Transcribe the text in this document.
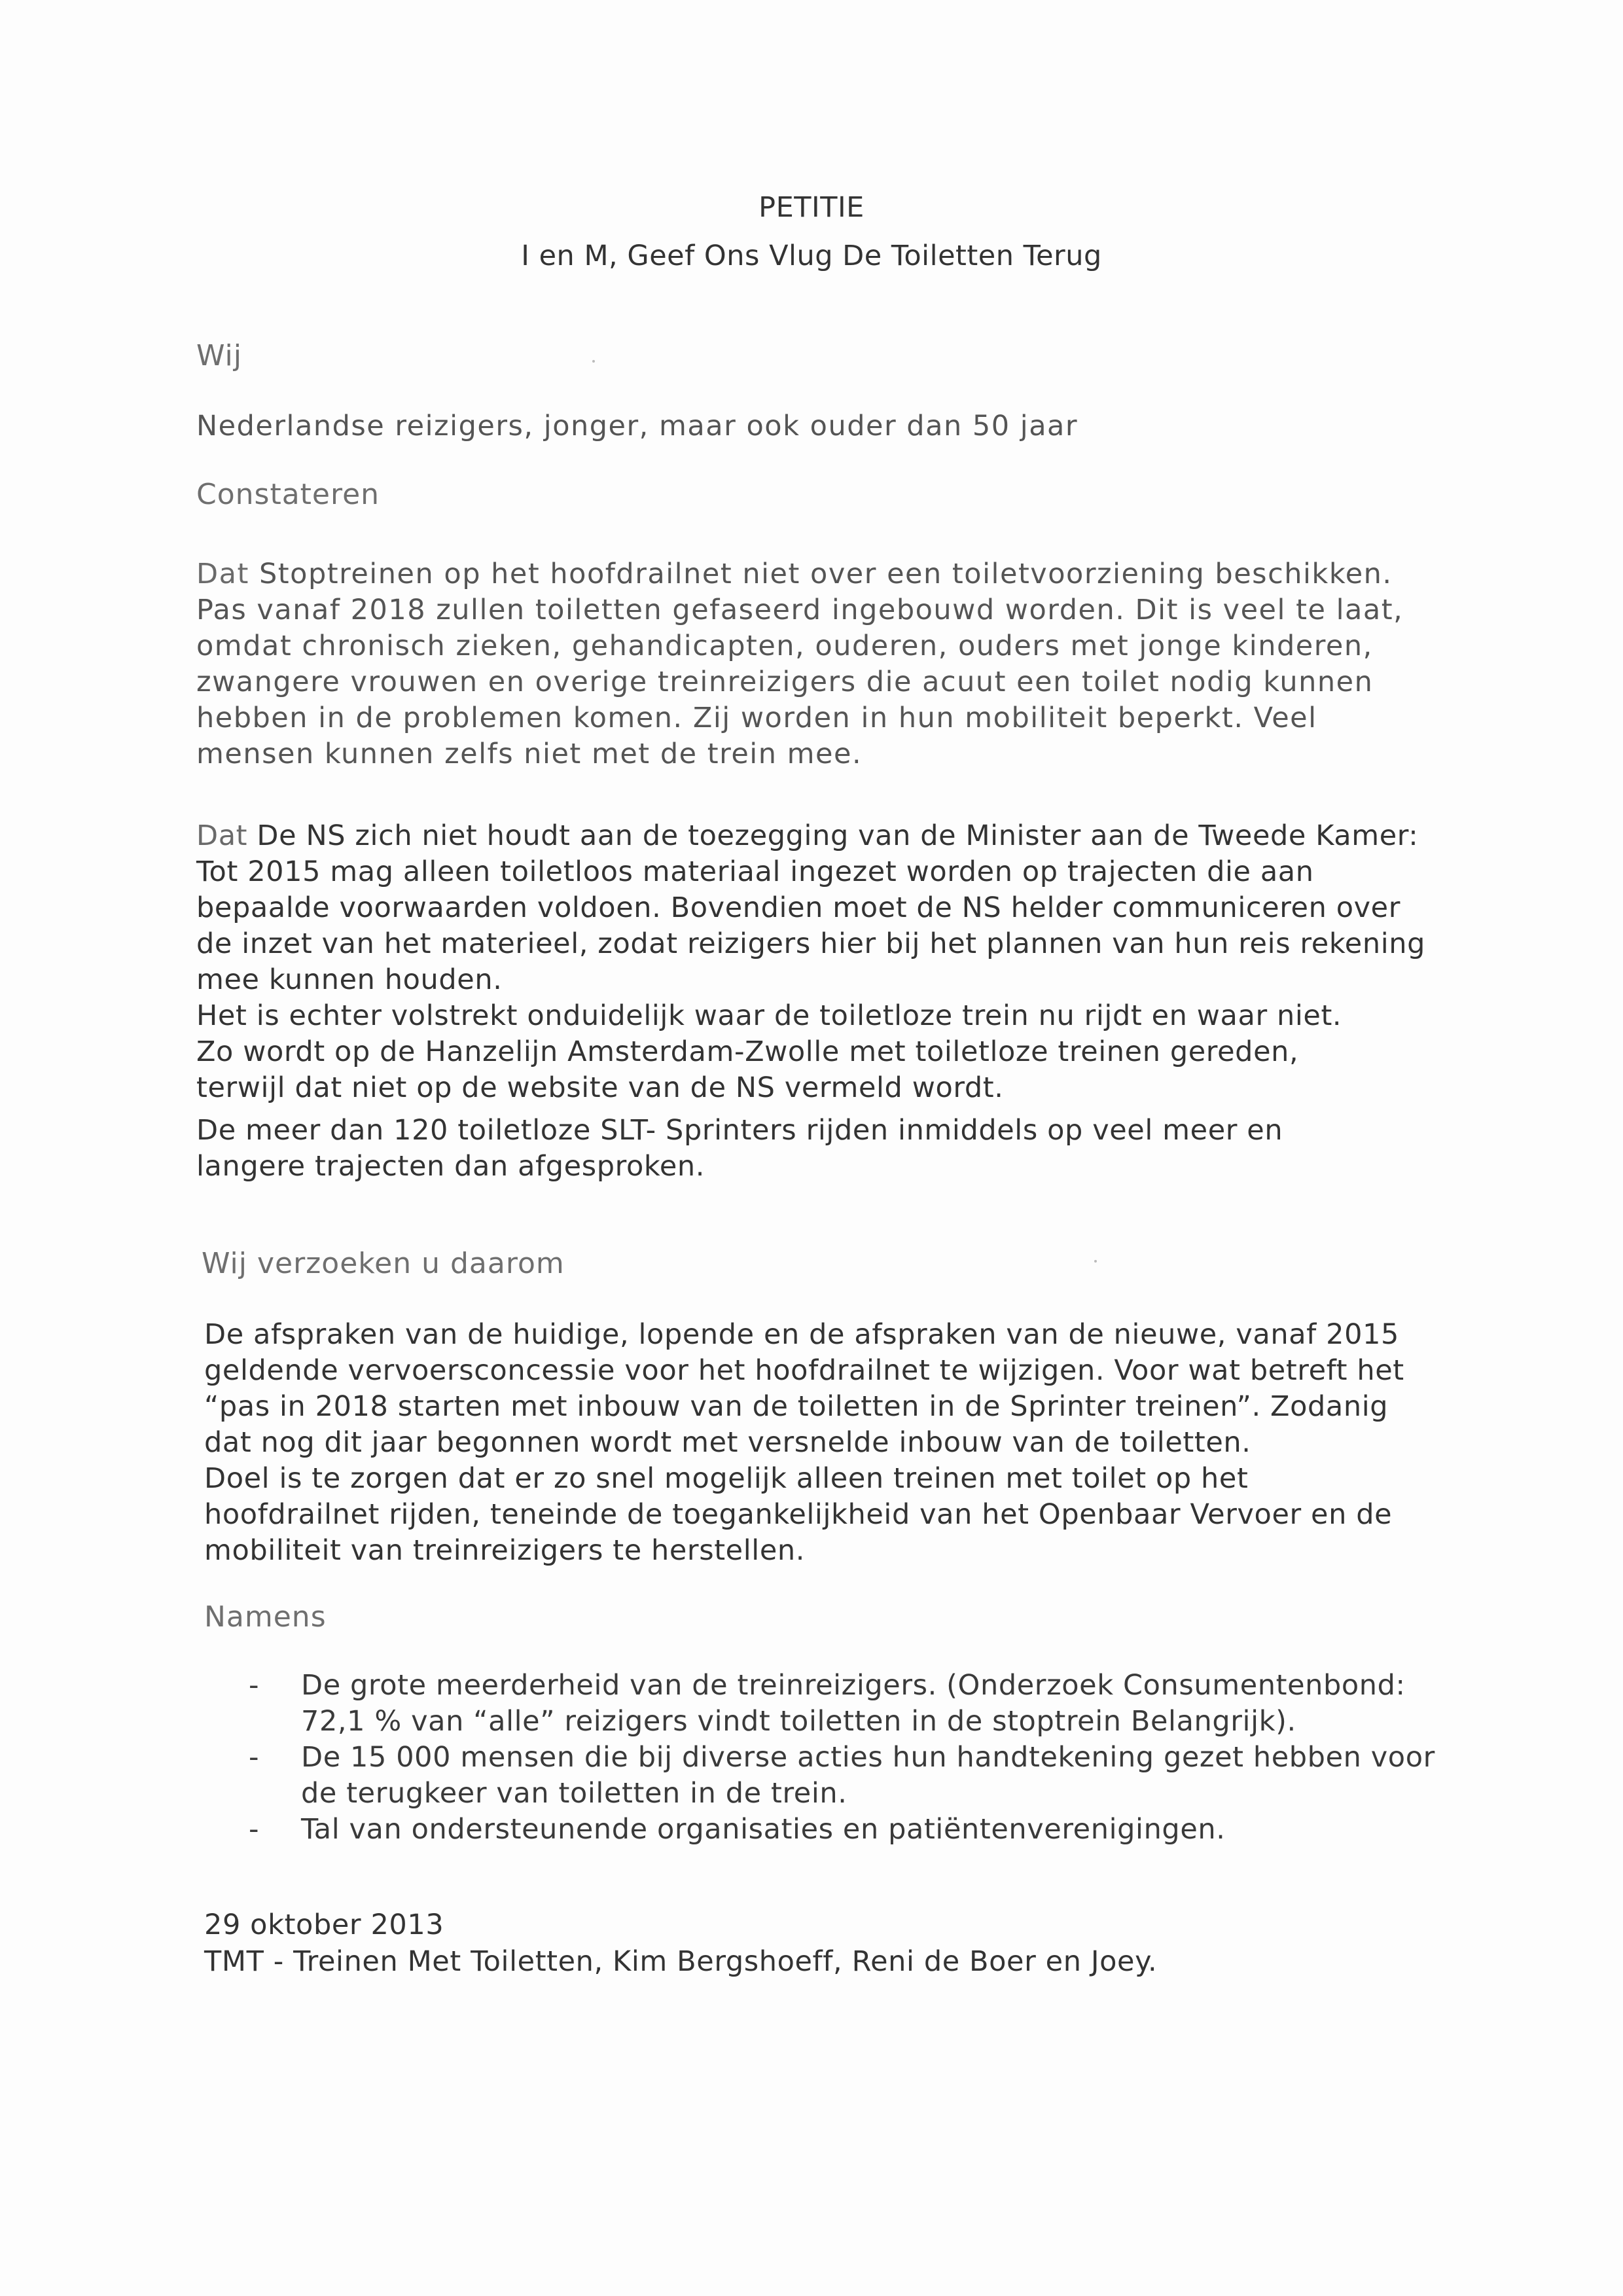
PETITIE
I en M, Geef Ons Vlug De Toiletten Terug
Wij
Nederlandse reizigers, jonger, maar ook ouder dan 50 jaar
Constateren
Dat Stoptreinen op het hoofdrailnet niet over een toiletvoorziening beschikken.
Pas vanaf 2018 zullen toiletten gefaseerd ingebouwd worden. Dit is veel te laat,
omdat chronisch zieken, gehandicapten, ouderen, ouders met jonge kinderen,
zwangere vrouwen en overige treinreizigers die acuut een toilet nodig kunnen
hebben in de problemen komen. Zij worden in hun mobiliteit beperkt. Veel
mensen kunnen zelfs niet met de trein mee.
Dat De NS zich niet houdt aan de toezegging van de Minister aan de Tweede Kamer:
Tot 2015 mag alleen toiletloos materiaal ingezet worden op trajecten die aan
bepaalde voorwaarden voldoen. Bovendien moet de NS helder communiceren over
de inzet van het materieel, zodat reizigers hier bij het plannen van hun reis rekening
mee kunnen houden.
Het is echter volstrekt onduidelijk waar de toiletloze trein nu rijdt en waar niet.
Zo wordt op de Hanzelijn Amsterdam-Zwolle met toiletloze treinen gereden,
terwijl dat niet op de website van de NS vermeld wordt.
De meer dan 120 toiletloze SLT- Sprinters rijden inmiddels op veel meer en
langere trajecten dan afgesproken.
Wij verzoeken u daarom
De afspraken van de huidige, lopende en de afspraken van de nieuwe, vanaf 2015
geldende vervoersconcessie voor het hoofdrailnet te wijzigen. Voor wat betreft het
“pas in 2018 starten met inbouw van de toiletten in de Sprinter treinen”. Zodanig
dat nog dit jaar begonnen wordt met versnelde inbouw van de toiletten.
Doel is te zorgen dat er zo snel mogelijk alleen treinen met toilet op het
hoofdrailnet rijden, teneinde de toegankelijkheid van het Openbaar Vervoer en de
mobiliteit van treinreizigers te herstellen.
Namens
- De grote meerderheid van de treinreizigers. (Onderzoek Consumentenbond:
72,1 % van “alle” reizigers vindt toiletten in de stoptrein Belangrijk).
- De 15 000 mensen die bij diverse acties hun handtekening gezet hebben voor
de terugkeer van toiletten in de trein.
- Tal van ondersteunende organisaties en patiëntenverenigingen.
29 oktober 2013
TMT - Treinen Met Toiletten, Kim Bergshoeff, Reni de Boer en Joey.
